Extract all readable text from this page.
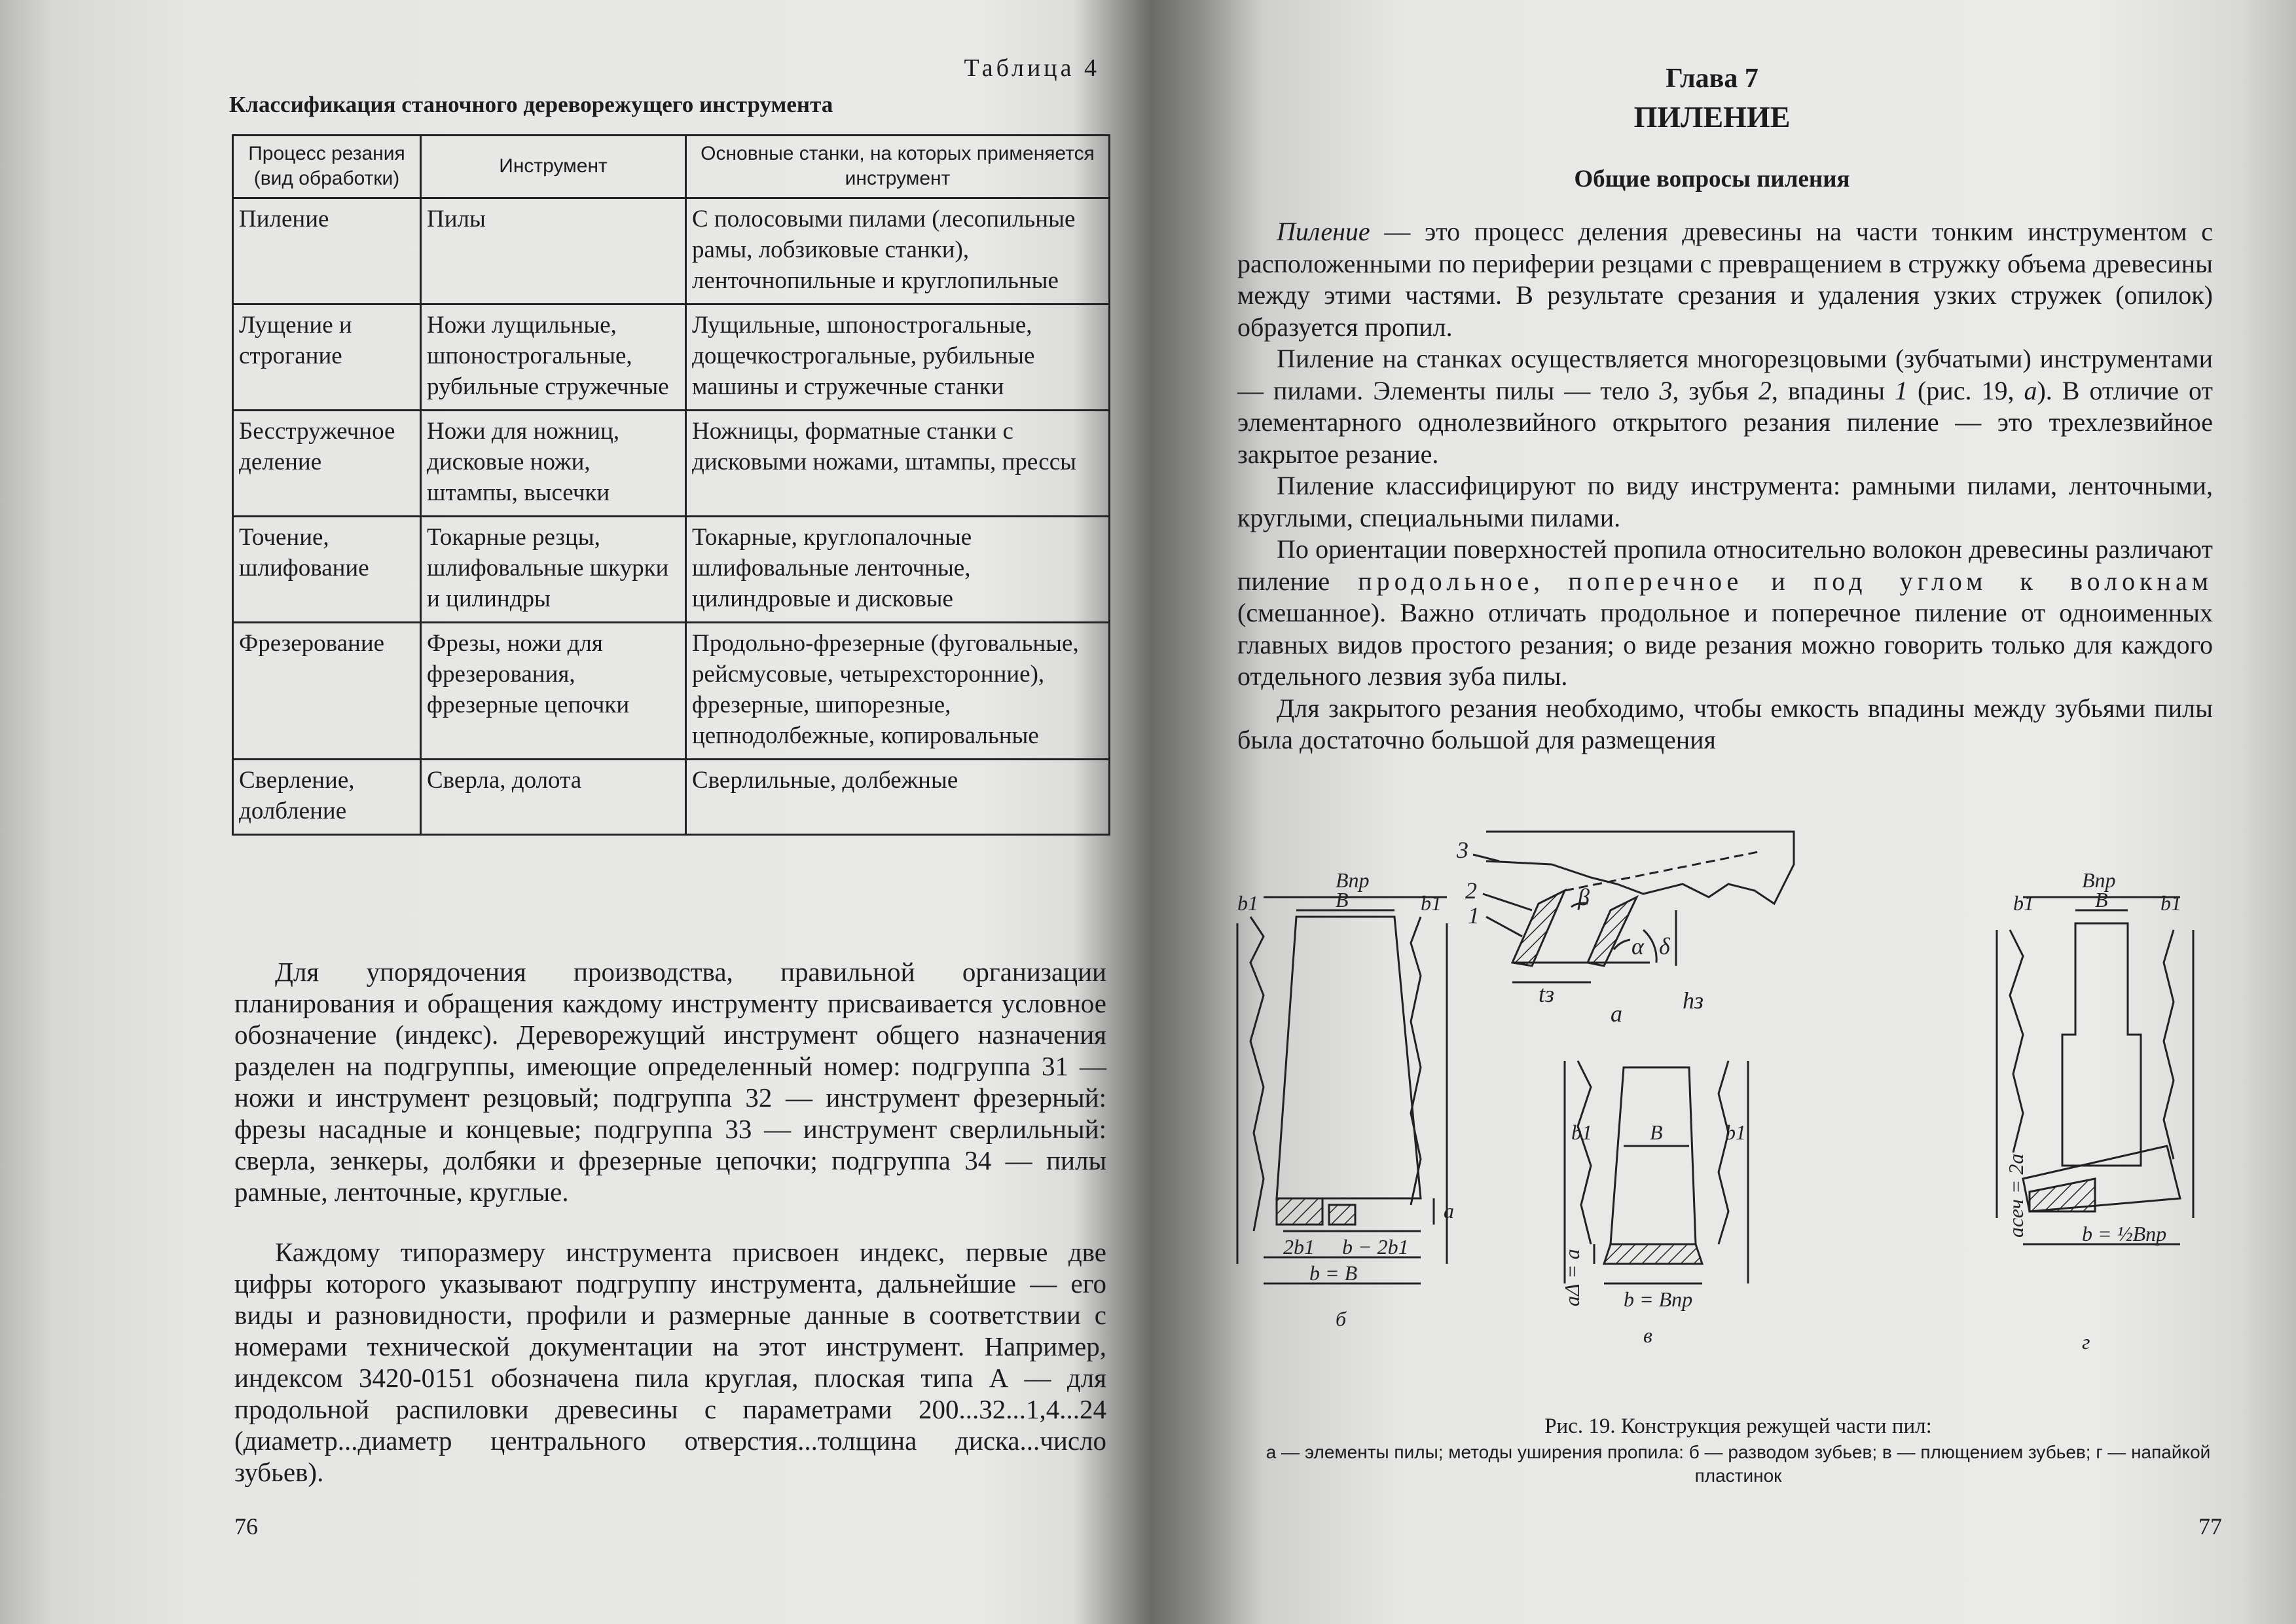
Таблица 4
Классификация станочного дереворежущего инструмента
Процесс резания (вид обработки)	Инструмент	Основные станки, на которых применяется инструмент
Пиление	Пилы	С полосовыми пилами (лесопильные рамы, лобзиковые станки), ленточнопильные и круглопильные
Лущение и строгание	Ножи лущильные, шпонострогальные, рубильные стружечные	Лущильные, шпонострогальные, дощечкострогальные, рубильные машины и стружечные станки
Бесстружечное деление	Ножи для ножниц, дисковые ножи, штампы, высечки	Ножницы, форматные станки с дисковыми ножами, штампы, прессы
Точение, шлифование	Токарные резцы, шлифовальные шкурки и цилиндры	Токарные, круглопалочные шлифовальные ленточные, цилиндровые и дисковые
Фрезерование	Фрезы, ножи для фрезерования, фрезерные цепочки	Продольно-фрезерные (фуговальные, рейсмусовые, четырехсторонние), фрезерные, шипорезные, цепнодолбежные, копировальные
Сверление, долбление	Сверла, долота	Сверлильные, долбежные
Для упорядочения производства, правильной организации планирования и обращения каждому инструменту присваивается условное обозначение (индекс). Дереворежущий инструмент общего назначения разделен на подгруппы, имеющие определенный номер: подгруппа 31 — ножи и инструмент резцовый; подгруппа 32 — инструмент фрезерный: фрезы насадные и концевые; подгруппа 33 — инструмент сверлильный: сверла, зенкеры, долбяки и фрезерные цепочки; подгруппа 34 — пилы рамные, ленточные, круглые.
Каждому типоразмеру инструмента присвоен индекс, первые две цифры которого указывают подгруппу инструмента, дальнейшие — его виды и разновидности, профили и размерные данные в соответствии с номерами технической документации на этот инструмент. Например, индексом 3420-0151 обозначена пила круглая, плоская типа А — для продольной распиловки древесины с параметрами 200...32...1,4...24 (диаметр...диаметр центрального отверстия...толщина диска...число зубьев).
76
Глава 7
ПИЛЕНИЕ
Общие вопросы пиления

Пиление — это процесс деления древесины на части тонким инструментом с расположенными по периферии резцами с превращением в стружку объема древесины между этими частями. В результате срезания и удаления узких стружек (опилок) образуется пропил.

Пиление на станках осуществляется многорезцовыми (зубчатыми) инструментами — пилами. Элементы пилы — тело 3, зубья 2, впадины 1 (рис. 19, а). В отличие от элементарного однолезвийного открытого резания пиление — это трехлезвийное закрытое резание.

Пиление классифицируют по виду инструмента: рамными пилами, ленточными, круглыми, специальными пилами.

По ориентации поверхностей пропила относительно волокон древесины различают пиление продольное, поперечное и под углом к волокнам (смешанное). Важно отличать продольное и поперечное пиление от одноименных главных видов простого резания; о виде резания можно говорить только для каждого отдельного лезвия зуба пилы.

Для закрытого резания необходимо, чтобы емкость впадины между зубьями пилы была достаточно большой для размещения

3
2
1
β
α δ
tз	hз
а
Bпр
B
b1	b1
2b1 b − 2b1
b = B
a
б
B
b1	b1
b = Bпр
aΔ = a
в
Bпр
B
b1	b1
aсеч = 2a	b = ½Bпр
г
Рис. 19. Конструкция режущей части пил:
а — элементы пилы; методы уширения пропила: б — разводом зубьев; в — плющением зубьев; г — напайкой пластинок
77
